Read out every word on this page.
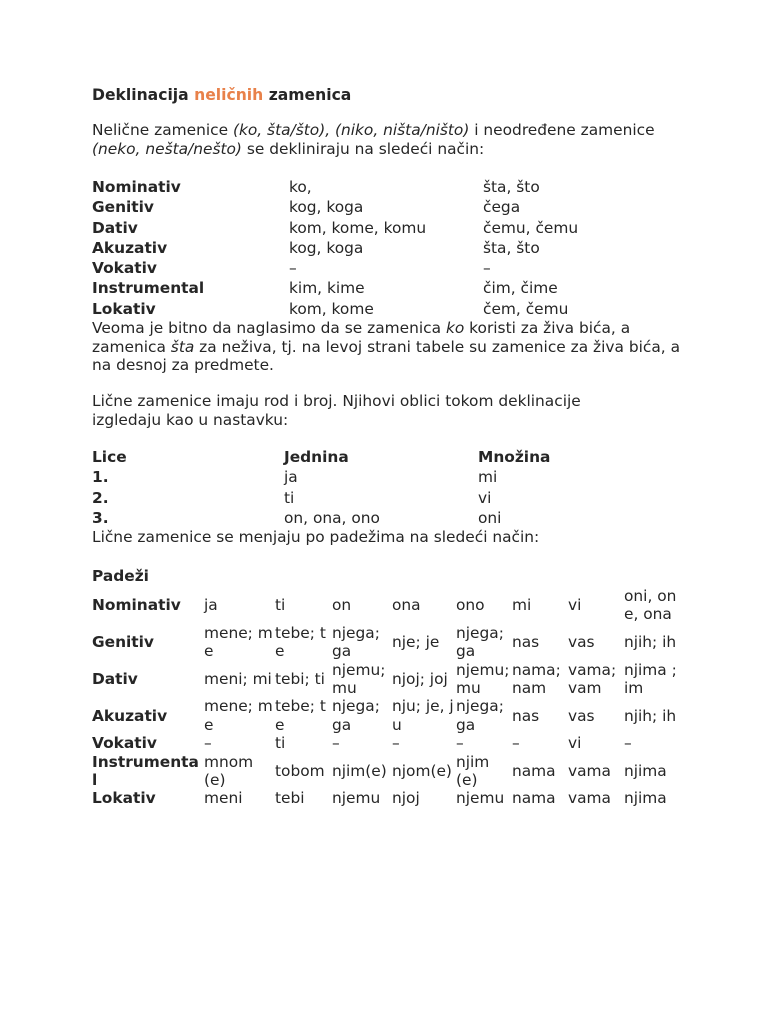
Deklinacija neličnih zamenica
Nelične zamenice (ko, šta/što), (niko, ništa/ništo) i neodređene zamenice (neko, nešta/nešto) se dekliniraju na sledeći način:
Nominativ	ko,	šta, što
Genitiv	kog, koga	čega
Dativ	kom, kome, komu	čemu, čemu
Akuzativ	kog, koga	šta, što
Vokativ	–	–
Instrumental	kim, kime	čim, čime
Lokativ	kom, kome	čem, čemu
Veoma je bitno da naglasimo da se zamenica ko koristi za živa bića, a zamenica šta za neživa, tj. na levoj strani tabele su zamenice za živa bića, a na desnoj za predmete.
Lične zamenice imaju rod i broj. Njihovi oblici tokom deklinacije izgledaju kao u nastavku:
Lice	Jednina	Množina
1.	ja	mi
2.	ti	vi
3.	on, ona, ono	oni
Lične zamenice se menjaju po padežima na sledeći način:
Padeži
Nominativ	ja	ti	on	ona	ono	mi	vi	oni, one, ona
Genitiv	mene; me	tebe; te	njega; ga	nje; je	njega; ga	nas	vas	njih; ih
Dativ	meni; mi	tebi; ti	njemu; mu	njoj; joj	njemu; mu	nama; nam	vama; vam	njima ; im
Akuzativ	mene; me	tebe; te	njega; ga	nju; je, ju	njega; ga	nas	vas	njih; ih
Vokativ	–	ti	–	–	–	–	vi	–
Instrumental	mnom(e)	tobom	njim(e)	njom(e)	njim(e)	nama	vama	njima
Lokativ	meni	tebi	njemu	njoj	njemu	nama	vama	njima
